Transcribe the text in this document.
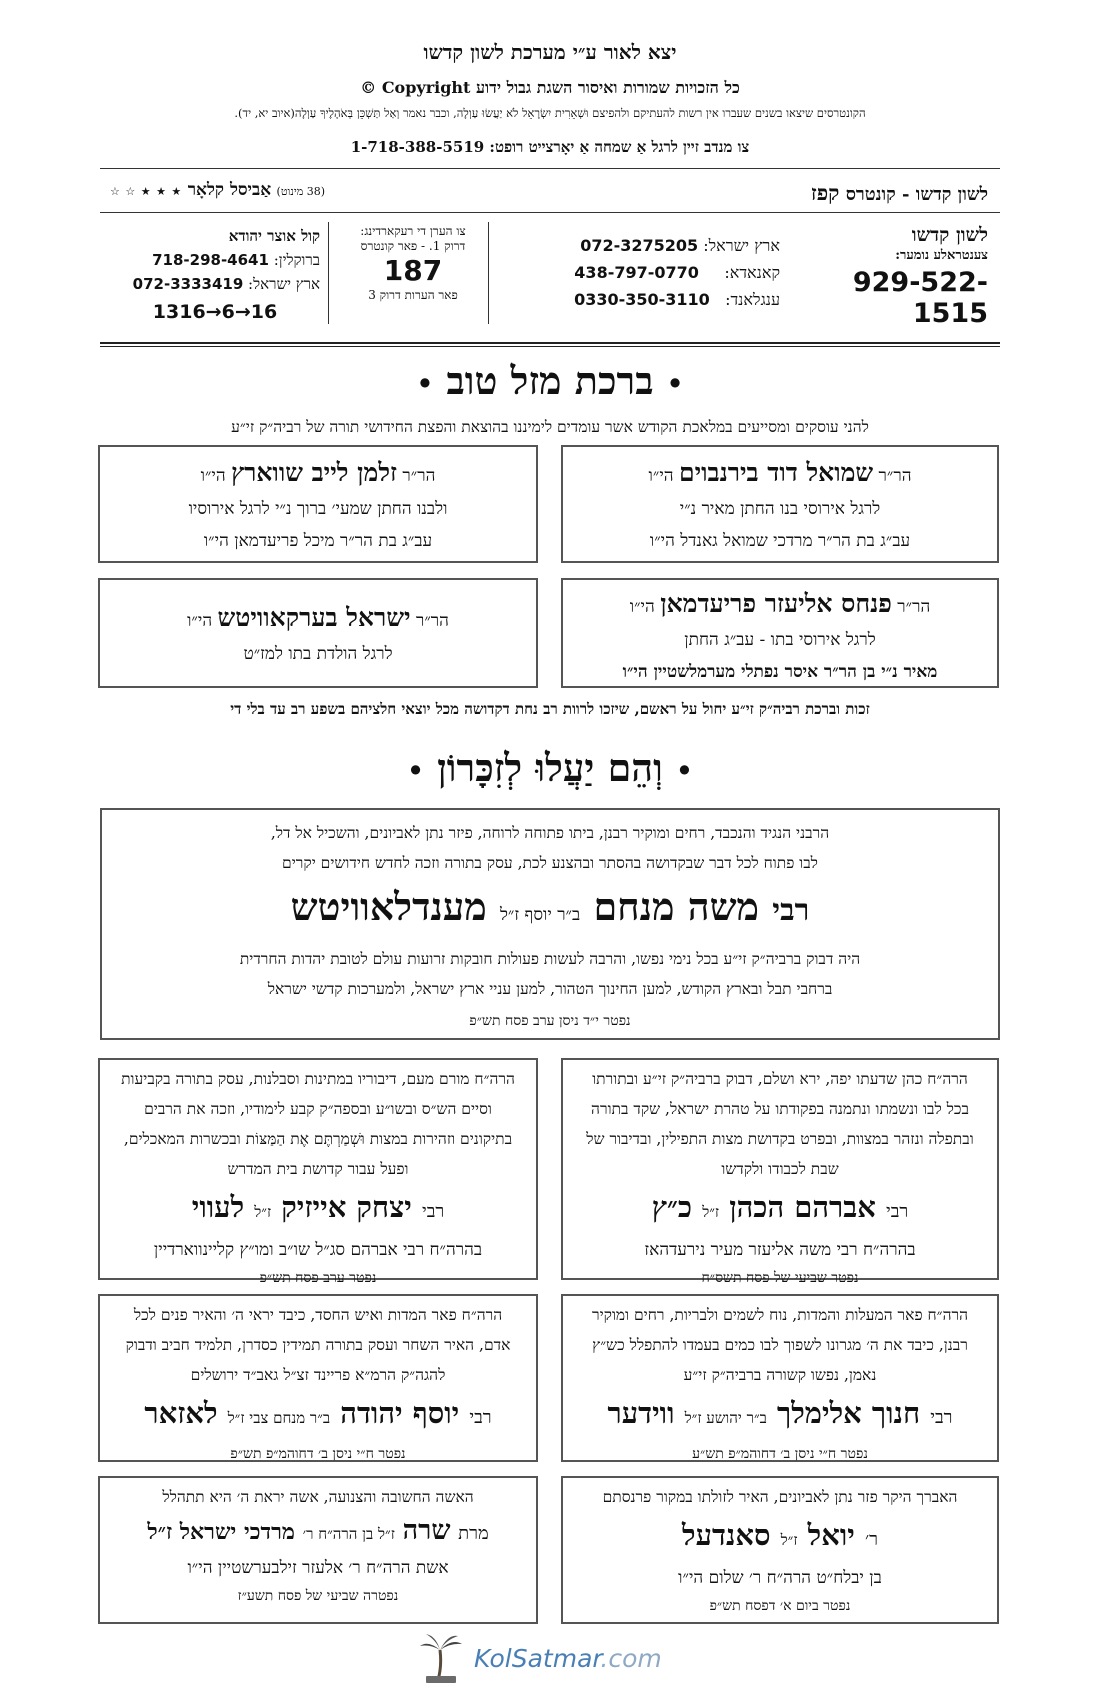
יצא לאור ע״י מערכת לשון קדשו
כל הזכויות שמורות ואיסור השגת גבול ידוע Copyright ©
הקונטרסים שיצאו בשנים שעברו אין רשות להעתיקם ולהפיצם וּשְׁאֵרִית יִשְׂרָאֵל לֹא יַעֲשׂוּ עַוְלָה, וכבר נאמר וְאַל תַּשְׁכֵּן בְּאֹהָלֶיךָ עַוְלָה(איוב יא, יד).
צו מנדב זיין לרגל אַ שמחה אַ יאָרצייט רופט: 1-718-388-5519
לשון קדשו - קונטרס קפז
(38 מינוט) אַביסל קלאָר ★ ★ ★ ☆ ☆
לשון קדשו
צענטראלע נומער:
929-522-1515
ארץ ישראל: 072-3275205
קאנאדא:     438-797-0770
ענגלאנד:   0330-350-3110
צו הערן די רעקארדינג:
דרוק 1. - פאר קונטרס
187
פאר הערות דרוק 3
קול אוצר יהודא
ברוקלין: 718-298-4641
ארץ ישראל: 072-3333419
16→6→1316
• ברכת מזל טוב •
להני עוסקים ומסייעים במלאכת הקודש אשר עומדים לימיננו בהוצאת והפצת החידושי תורה של רביה״ק זי״ע
הר״ר שמואל דוד בירנבוים הי״ו
לרגל אירוסי בנו החתן מאיר נ״י
עב״ג בת הר״ר מרדכי שמואל גאנדל הי״ו
הר״ר זלמן לייב שווארץ הי״ו
ולבנו החתן שמעי׳ ברוך נ״י לרגל אירוסיו
עב״ג בת הר״ר מיכל פריעדמאן הי״ו
הר״ר פנחס אליעזר פריעדמאן הי״ו
לרגל אירוסי בתו - עב״ג החתן
מאיר נ״י בן הר״ר איסר נפתלי מערמלשטיין הי״ו
הר״ר ישראל בערקאוויטש הי״ו
לרגל הולדת בתו למז״ט
זכות וברכת רביה״ק זי״ע יחול על ראשם, שיזכו לרוות רב נחת דקדושה מכל יוצאי חלציהם בשפע רב עד בלי די
• וְהֵם יַעֲלוּ לְזִכָּרוֹן •

הרבני הנגיד והנכבד, רחים ומוקיר רבנן, ביתו פתוחה לרוחה, פיזר נתן לאביונים, והשכיל אל דל,

לבו פתוח לכל דבר שבקדושה בהסתר ובהצנע לכת, עסק בתורה וזכה לחדש חידושים יקרים

רבי משה מנחם ב״ר יוסף ז״ל מענדלאוויטש

היה דבוק ברביה״ק זי״ע בכל נימי נפשו, והרבה לעשות פעולות חובקות זרועות עולם לטובת יהדות החרדית

ברחבי תבל ובארץ הקודש, למען החינוך הטהור, למען עניי ארץ ישראל, ולמערכות קדשי ישראל

נפטר י״ד ניסן ערב פסח תש״פ

הרה״ח כהן שדעתו יפה, ירא ושלם, דבוק ברביה״ק זי״ע ובתורתו בכל לבו ונשמתו ונתמנה בפקודתו על טהרת ישראל, שקד בתורה ובתפלה ונזהר במצוות, ובפרט בקדושת מצות התפילין, ובדיבור של שבת לכבודו ולקדשו

רבי אברהם הכהן ז״ל כ״ץ

בהרה״ח רבי משה אליעזר מעיר נירעדהאז

נפטר שביעי של פסח תשס״ח

הרה״ח מורם מעם, דיבוריו במתינות וסבלנות, עסק בתורה בקביעות וסיים הש״ס ובשו״ע ובספה״ק קבע לימודיו, וזכה את הרבים בתיקונים וזהירות במצות וּשְׁמַרְתֶּם אֶת הַמַּצּוֹת ובכשרות המאכלים, ופעל עבור קדושת בית המדרש

רבי יצחק אייזיק ז״ל לעווי

בהרה״ח רבי אברהם סג״ל שו״ב ומו״ץ קליינווארדיין

נפטר ערב פסח תש״פ

הרה״ח פאר המעלות והמדות, נוח לשמים ולבריות, רחים ומוקיר רבנן, כיבד את ה׳ מגרונו לשפוך לבו כמים בעמדו להתפלל כש״ץ נאמן, נפשו קשורה ברביה״ק זי״ע

רבי חנוך אלימלך ב״ר יהושע ז״ל ווידער

נפטר ח״י ניסן ב׳ דחוהמ״פ תש״ע

הרה״ח פאר המדות ואיש החסד, כיבד יראי ה׳ והאיר פנים לכל אדם, האיר השחר ועסק בתורה תמידין כסדרן, תלמיד חביב ודבוק להגה״ק הרמ״א פריינד זצ״ל גאב״ד ירושלים

רבי יוסף יהודה ב״ר מנחם צבי ז״ל לאזאר

נפטר ח״י ניסן ב׳ דחוהמ״פ תש״פ

האברך היקר פזר נתן לאביונים, האיר לזולתו במקור פרנסתם

ר׳ יואל ז״ל סאנדעל

בן יבלח״ט הרה״ח ר׳ שלום הי״ו

נפטר ביום א׳ דפסח תש״פ

האשה החשובה והצנועה, אשה יראת ה׳ היא תתהלל

מרת שרה ז״ל בן הרה״ח ר׳ מרדכי ישראל ז״ל

אשת הרה״ח ר׳ אלעזר זילבערשטיין הי״ו

נפטרה שביעי של פסח תשע״ז

KolSatmar.com
